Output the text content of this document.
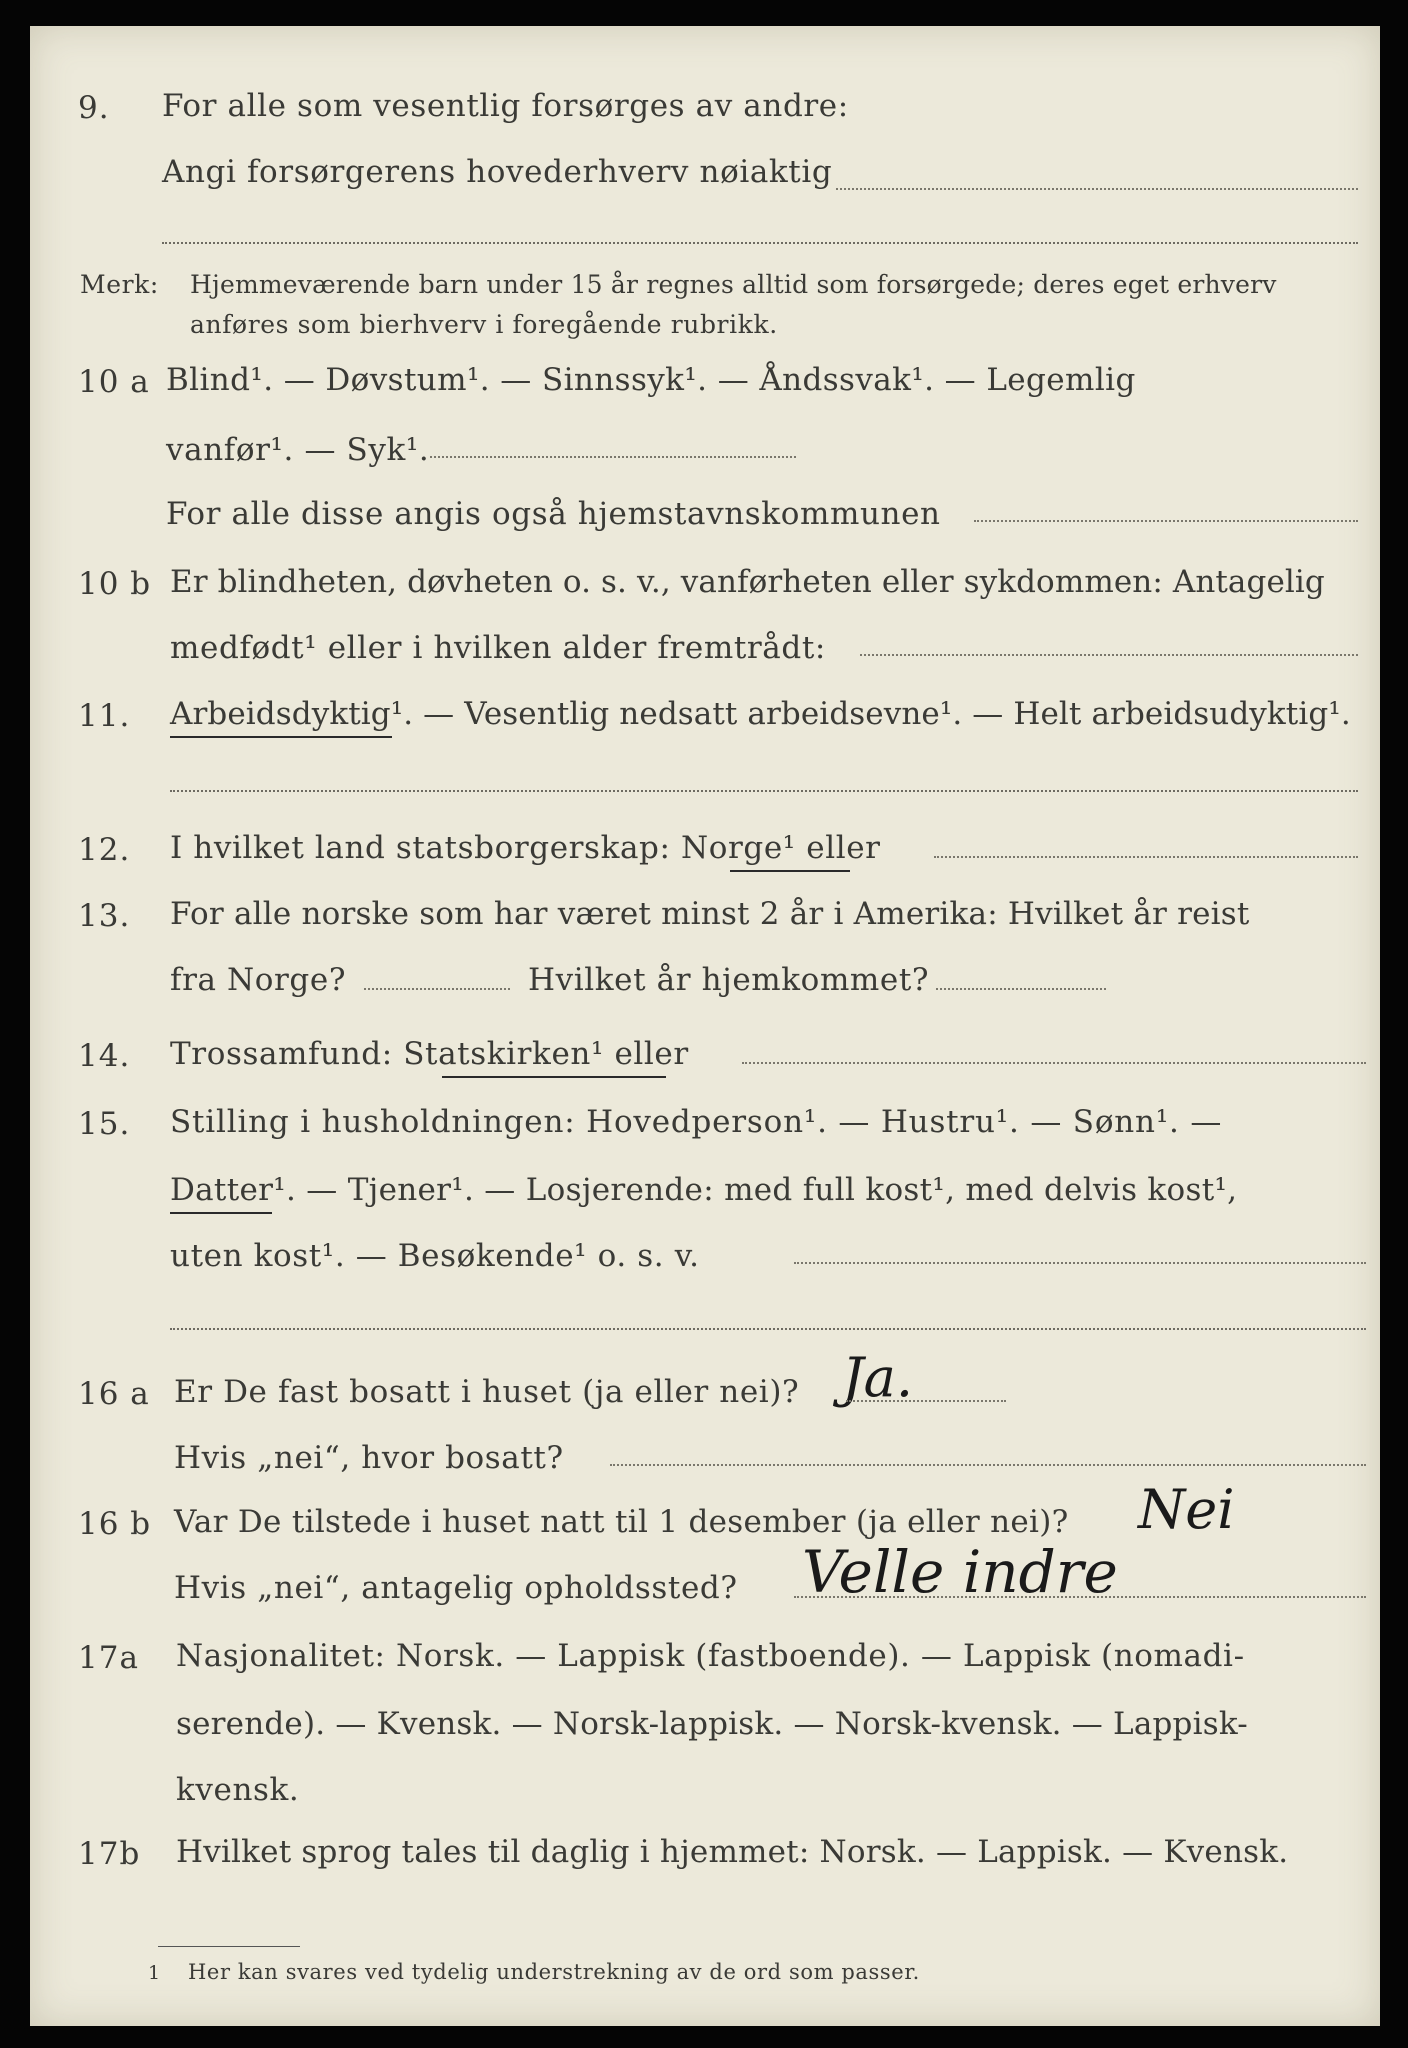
9. For alle som vesentlig forsørges av andre:
Angi forsørgerens hovederhverv nøiaktig
Merk: Hjemmeværende barn under 15 år regnes alltid som forsørgede; deres eget erhverv
anføres som bierhverv i foregående rubrikk.
10 a Blind¹. — Døvstum¹. — Sinnssyk¹. — Åndssvak¹. — Legemlig
vanfør¹. — Syk¹.
For alle disse angis også hjemstavnskommunen
10 b Er blindheten, døvheten o. s. v., vanførheten eller sykdommen: Antagelig
medfødt¹ eller i hvilken alder fremtrådt:
11. Arbeidsdyktig¹. — Vesentlig nedsatt arbeidsevne¹. — Helt arbeidsudyktig¹.
12. I hvilket land statsborgerskap: Norge¹ eller
13. For alle norske som har været minst 2 år i Amerika: Hvilket år reist
fra Norge?	Hvilket år hjemkommet?
14. Trossamfund: Statskirken¹ eller
15. Stilling i husholdningen: Hovedperson¹. — Hustru¹. — Sønn¹. —
Datter¹. — Tjener¹. — Losjerende: med full kost¹, med delvis kost¹,
uten kost¹. — Besøkende¹ o. s. v.
16 a Er De fast bosatt i huset (ja eller nei)? Ja.
Hvis „nei“, hvor bosatt?
16 b Var De tilstede i huset natt til 1 desember (ja eller nei)? Nei
Hvis „nei“, antagelig opholdssted? Velle indre
17a Nasjonalitet: Norsk. — Lappisk (fastboende). — Lappisk (nomadi-
serende). — Kvensk. — Norsk-lappisk. — Norsk-kvensk. — Lappisk-
kvensk.
17b Hvilket sprog tales til daglig i hjemmet: Norsk. — Lappisk. — Kvensk.
1 Her kan svares ved tydelig understrekning av de ord som passer.
